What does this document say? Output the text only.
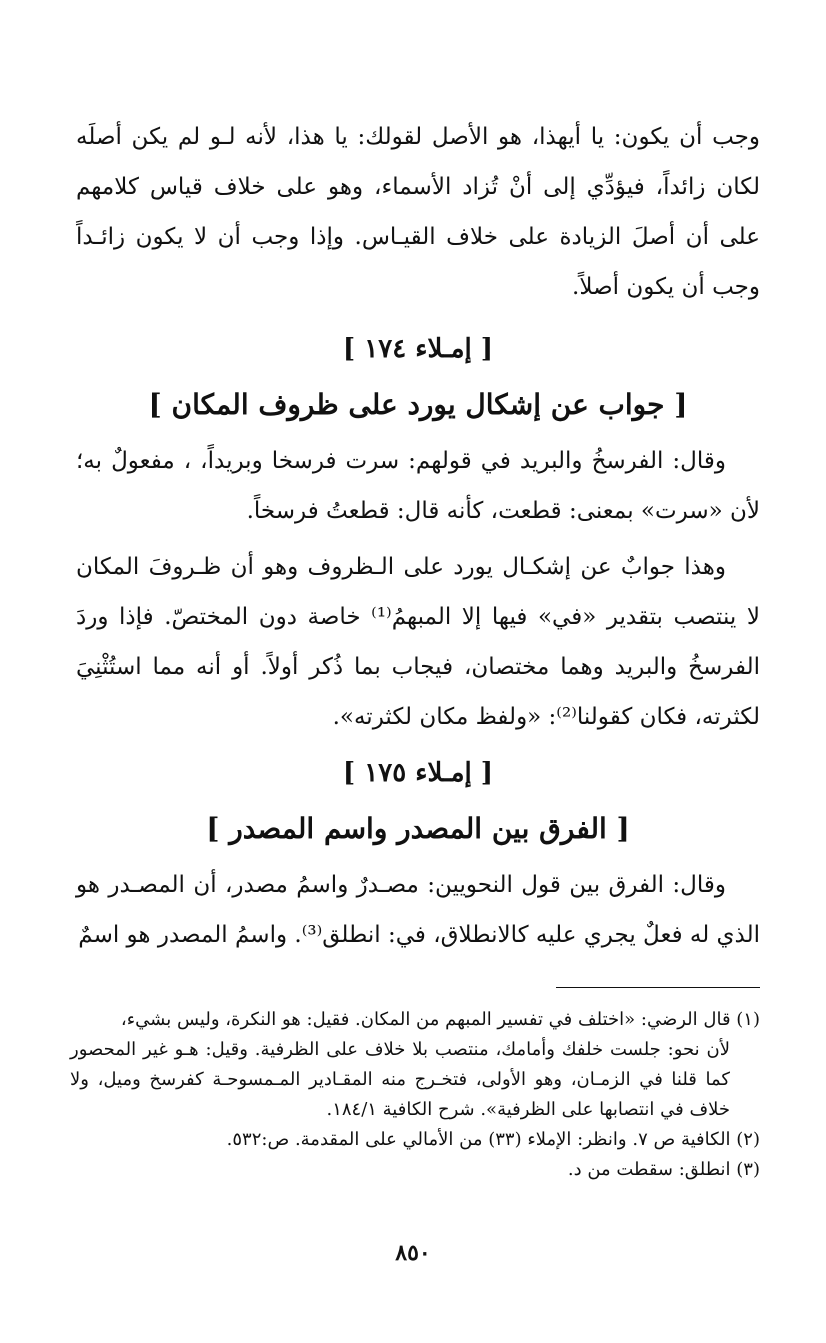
وجب أن يكون: يا أيهذا، هو الأصل لقولك: يا هذا، لأنه لـو لم يكن أصلَه لكان زائداً، فيؤدِّي إلى أنْ تُزاد الأسماء، وهو على خلاف قياس كلامهم على أن أصلَ الزيادة على خلاف القيـاس. وإذا وجب أن لا يكون زائـداً وجب أن يكون أصلاً.

[ إمـلاء ١٧٤ ]

[ جواب عن إشكال يورد على ظروف المكان ]

وقال: الفرسخُ والبريد في قولهم: سرت فرسخا وبريداً، ، مفعولٌ به؛ لأن «سرت» بمعنى: قطعت، كأنه قال: قطعتُ فرسخاً.

وهذا جوابٌ عن إشكـال يورد على الـظروف وهو أن ظـروفَ المكان لا ينتصب بتقدير «في» فيها إلا المبهمُ⁽¹⁾ خاصة دون المختصّ. فإذا وردَ الفرسخُ والبريد وهما مختصان، فيجاب بما ذُكر أولاً. أو أنه مما استُثْنِيَ لكثرته، فكان كقولنا⁽²⁾: «ولفظ مكان لكثرته».

[ إمـلاء ١٧٥ ]

[ الفرق بين المصدر واسم المصدر ]

وقال: الفرق بين قول النحويين: مصـدرٌ واسمُ مصدر، أن المصـدر هو الذي له فعلٌ يجري عليه كالانطلاق، في: انطلق⁽³⁾. واسمُ المصدر هو اسمٌ

(١) قال الرضي: «اختلف في تفسير المبهم من المكان. فقيل: هو النكرة، وليس بشيء،

لأن نحو: جلست خلفك وأمامك، منتصب بلا خلاف على الظرفية. وقيل: هـو غير المحصور كما قلنا في الزمـان، وهو الأولى، فتخـرج منه المقـادير المـمسوحـة كفرسخ وميل، ولا خلاف في انتصابها على الظرفية». شرح الكافية ١٨٤/١.

(٢) الكافية ص ٧. وانظر: الإملاء (٣٣) من الأمالي على المقدمة. ص:٥٣٢.

(٣) انطلق: سقطت من د.

٨٥٠
